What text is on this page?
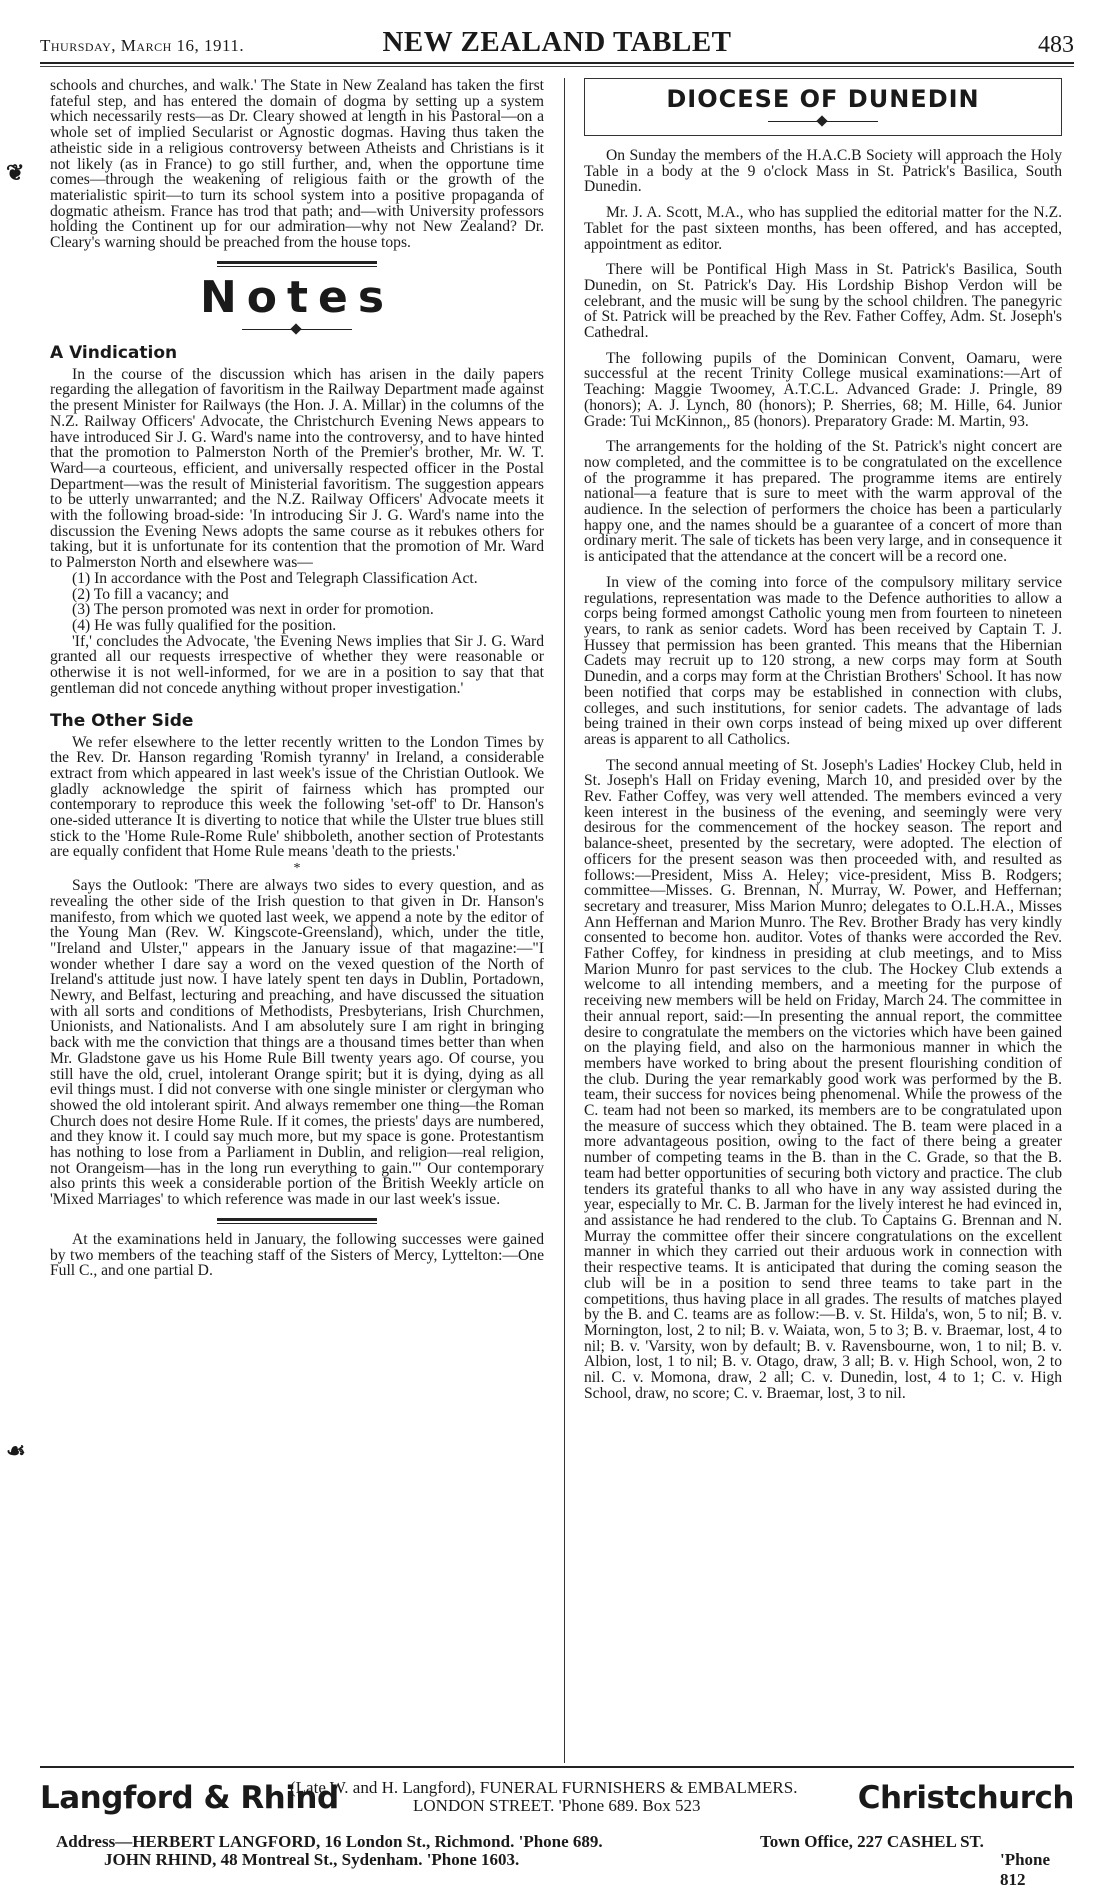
Thursday, March 16, 1911.	NEW ZEALAND TABLET	483
❦
☙

schools and churches, and walk.' The State in New Zealand has taken the first fateful step, and has entered the domain of dogma by setting up a system which necessarily rests—as Dr. Cleary showed at length in his Pastoral—on a whole set of implied Secularist or Agnostic dogmas. Having thus taken the atheistic side in a religious controversy between Atheists and Christians is it not likely (as in France) to go still further, and, when the opportune time comes—through the weakening of religious faith or the growth of the materialistic spirit—to turn its school system into a positive propaganda of dogmatic atheism. France has trod that path; and—with University professors holding the Continent up for our admiration—why not New Zealand? Dr. Cleary's warning should be preached from the house tops.

Notes
A Vindication

In the course of the discussion which has arisen in the daily papers regarding the allegation of favoritism in the Railway Department made against the present Minister for Railways (the Hon. J. A. Millar) in the columns of the N.Z. Railway Officers' Advocate, the Christchurch Evening News appears to have introduced Sir J. G. Ward's name into the controversy, and to have hinted that the promotion to Palmerston North of the Premier's brother, Mr. W. T. Ward—a courteous, efficient, and universally respected officer in the Postal Department—was the result of Ministerial favoritism. The suggestion appears to be utterly unwarranted; and the N.Z. Railway Officers' Advocate meets it with the following broad-side: 'In introducing Sir J. G. Ward's name into the discussion the Evening News adopts the same course as it rebukes others for taking, but it is unfortunate for its contention that the promotion of Mr. Ward to Palmerston North and elsewhere was—

(1) In accordance with the Post and Telegraph Classification Act.

(2) To fill a vacancy; and

(3) The person promoted was next in order for promotion.

(4) He was fully qualified for the position.

'If,' concludes the Advocate, 'the Evening News implies that Sir J. G. Ward granted all our requests irrespective of whether they were reasonable or otherwise it is not well-informed, for we are in a position to say that that gentleman did not concede anything without proper investigation.'

The Other Side

We refer elsewhere to the letter recently written to the London Times by the Rev. Dr. Hanson regarding 'Romish tyranny' in Ireland, a considerable extract from which appeared in last week's issue of the Christian Outlook. We gladly acknowledge the spirit of fairness which has prompted our contemporary to reproduce this week the following 'set-off' to Dr. Hanson's one-sided utterance It is diverting to notice that while the Ulster true blues still stick to the 'Home Rule-Rome Rule' shibboleth, another section of Protestants are equally confident that Home Rule means 'death to the priests.'

*

Says the Outlook: 'There are always two sides to every question, and as revealing the other side of the Irish question to that given in Dr. Hanson's manifesto, from which we quoted last week, we append a note by the editor of the Young Man (Rev. W. Kingscote-Greensland), which, under the title, "Ireland and Ulster," appears in the January issue of that magazine:—"I wonder whether I dare say a word on the vexed question of the North of Ireland's attitude just now. I have lately spent ten days in Dublin, Portadown, Newry, and Belfast, lecturing and preaching, and have discussed the situation with all sorts and conditions of Methodists, Presbyterians, Irish Churchmen, Unionists, and Nationalists. And I am absolutely sure I am right in bringing back with me the conviction that things are a thousand times better than when Mr. Gladstone gave us his Home Rule Bill twenty years ago. Of course, you still have the old, cruel, intolerant Orange spirit; but it is dying, dying as all evil things must. I did not converse with one single minister or clergyman who showed the old intolerant spirit. And always remember one thing—the Roman Church does not desire Home Rule. If it comes, the priests' days are numbered, and they know it. I could say much more, but my space is gone. Protestantism has nothing to lose from a Parliament in Dublin, and religion—real religion, not Orangeism—has in the long run everything to gain."' Our contemporary also prints this week a considerable portion of the British Weekly article on 'Mixed Marriages' to which reference was made in our last week's issue.

At the examinations held in January, the following successes were gained by two members of the teaching staff of the Sisters of Mercy, Lyttelton:—One Full C., and one partial D.

DIOCESE OF DUNEDIN

On Sunday the members of the H.A.C.B Society will approach the Holy Table in a body at the 9 o'clock Mass in St. Patrick's Basilica, South Dunedin.

Mr. J. A. Scott, M.A., who has supplied the editorial matter for the N.Z. Tablet for the past sixteen months, has been offered, and has accepted, appointment as editor.

There will be Pontifical High Mass in St. Patrick's Basilica, South Dunedin, on St. Patrick's Day. His Lordship Bishop Verdon will be celebrant, and the music will be sung by the school children. The panegyric of St. Patrick will be preached by the Rev. Father Coffey, Adm. St. Joseph's Cathedral.

The following pupils of the Dominican Convent, Oamaru, were successful at the recent Trinity College musical examinations:—Art of Teaching: Maggie Twoomey, A.T.C.L. Advanced Grade: J. Pringle, 89 (honors); A. J. Lynch, 80 (honors); P. Sherries, 68; M. Hille, 64. Junior Grade: Tui McKinnon,, 85 (honors). Preparatory Grade: M. Martin, 93.

The arrangements for the holding of the St. Patrick's night concert are now completed, and the committee is to be congratulated on the excellence of the programme it has prepared. The programme items are entirely national—a feature that is sure to meet with the warm approval of the audience. In the selection of performers the choice has been a particularly happy one, and the names should be a guarantee of a concert of more than ordinary merit. The sale of tickets has been very large, and in consequence it is anticipated that the attendance at the concert will be a record one.

In view of the coming into force of the compulsory military service regulations, representation was made to the Defence authorities to allow a corps being formed amongst Catholic young men from fourteen to nineteen years, to rank as senior cadets. Word has been received by Captain T. J. Hussey that permission has been granted. This means that the Hibernian Cadets may recruit up to 120 strong, a new corps may form at South Dunedin, and a corps may form at the Christian Brothers' School. It has now been notified that corps may be established in connection with clubs, colleges, and such institutions, for senior cadets. The advantage of lads being trained in their own corps instead of being mixed up over different areas is apparent to all Catholics.

The second annual meeting of St. Joseph's Ladies' Hockey Club, held in St. Joseph's Hall on Friday evening, March 10, and presided over by the Rev. Father Coffey, was very well attended. The members evinced a very keen interest in the business of the evening, and seemingly were very desirous for the commencement of the hockey season. The report and balance-sheet, presented by the secretary, were adopted. The election of officers for the present season was then proceeded with, and resulted as follows:—President, Miss A. Heley; vice-president, Miss B. Rodgers; committee—Misses. G. Brennan, N. Murray, W. Power, and Heffernan; secretary and treasurer, Miss Marion Munro; delegates to O.L.H.A., Misses Ann Heffernan and Marion Munro. The Rev. Brother Brady has very kindly consented to become hon. auditor. Votes of thanks were accorded the Rev. Father Coffey, for kindness in presiding at club meetings, and to Miss Marion Munro for past services to the club. The Hockey Club extends a welcome to all intending members, and a meeting for the purpose of receiving new members will be held on Friday, March 24. The committee in their annual report, said:—In presenting the annual report, the committee desire to congratulate the members on the victories which have been gained on the playing field, and also on the harmonious manner in which the members have worked to bring about the present flourishing condition of the club. During the year remarkably good work was performed by the B. team, their success for novices being phenomenal. While the prowess of the C. team had not been so marked, its members are to be congratulated upon the measure of success which they obtained. The B. team were placed in a more advantageous position, owing to the fact of there being a greater number of competing teams in the B. than in the C. Grade, so that the B. team had better opportunities of securing both victory and practice. The club tenders its grateful thanks to all who have in any way assisted during the year, especially to Mr. C. B. Jarman for the lively interest he had evinced in, and assistance he had rendered to the club. To Captains G. Brennan and N. Murray the committee offer their sincere congratulations on the excellent manner in which they carried out their arduous work in connection with their respective teams. It is anticipated that during the coming season the club will be in a position to send three teams to take part in the competitions, thus having place in all grades. The results of matches played by the B. and C. teams are as follow:—B. v. St. Hilda's, won, 5 to nil; B. v. Mornington, lost, 2 to nil; B. v. Waiata, won, 5 to 3; B. v. Braemar, lost, 4 to nil; B. v. 'Varsity, won by default; B. v. Ravensbourne, won, 1 to nil; B. v. Albion, lost, 1 to nil; B. v. Otago, draw, 3 all; B. v. High School, won, 2 to nil. C. v. Momona, draw, 2 all; C. v. Dunedin, lost, 4 to 1; C. v. High School, draw, no score; C. v. Braemar, lost, 3 to nil.

Langford & Rhind
(Late W. and H. Langford), FUNERAL FURNISHERS & EMBALMERS.
LONDON STREET. 'Phone 689. Box 523	Christchurch
Address—HERBERT LANGFORD, 16 London St., Richmond. 'Phone 689.
JOHN RHIND, 48 Montreal St., Sydenham. 'Phone 1603.
Town Office, 227 CASHEL ST.
'Phone 812
